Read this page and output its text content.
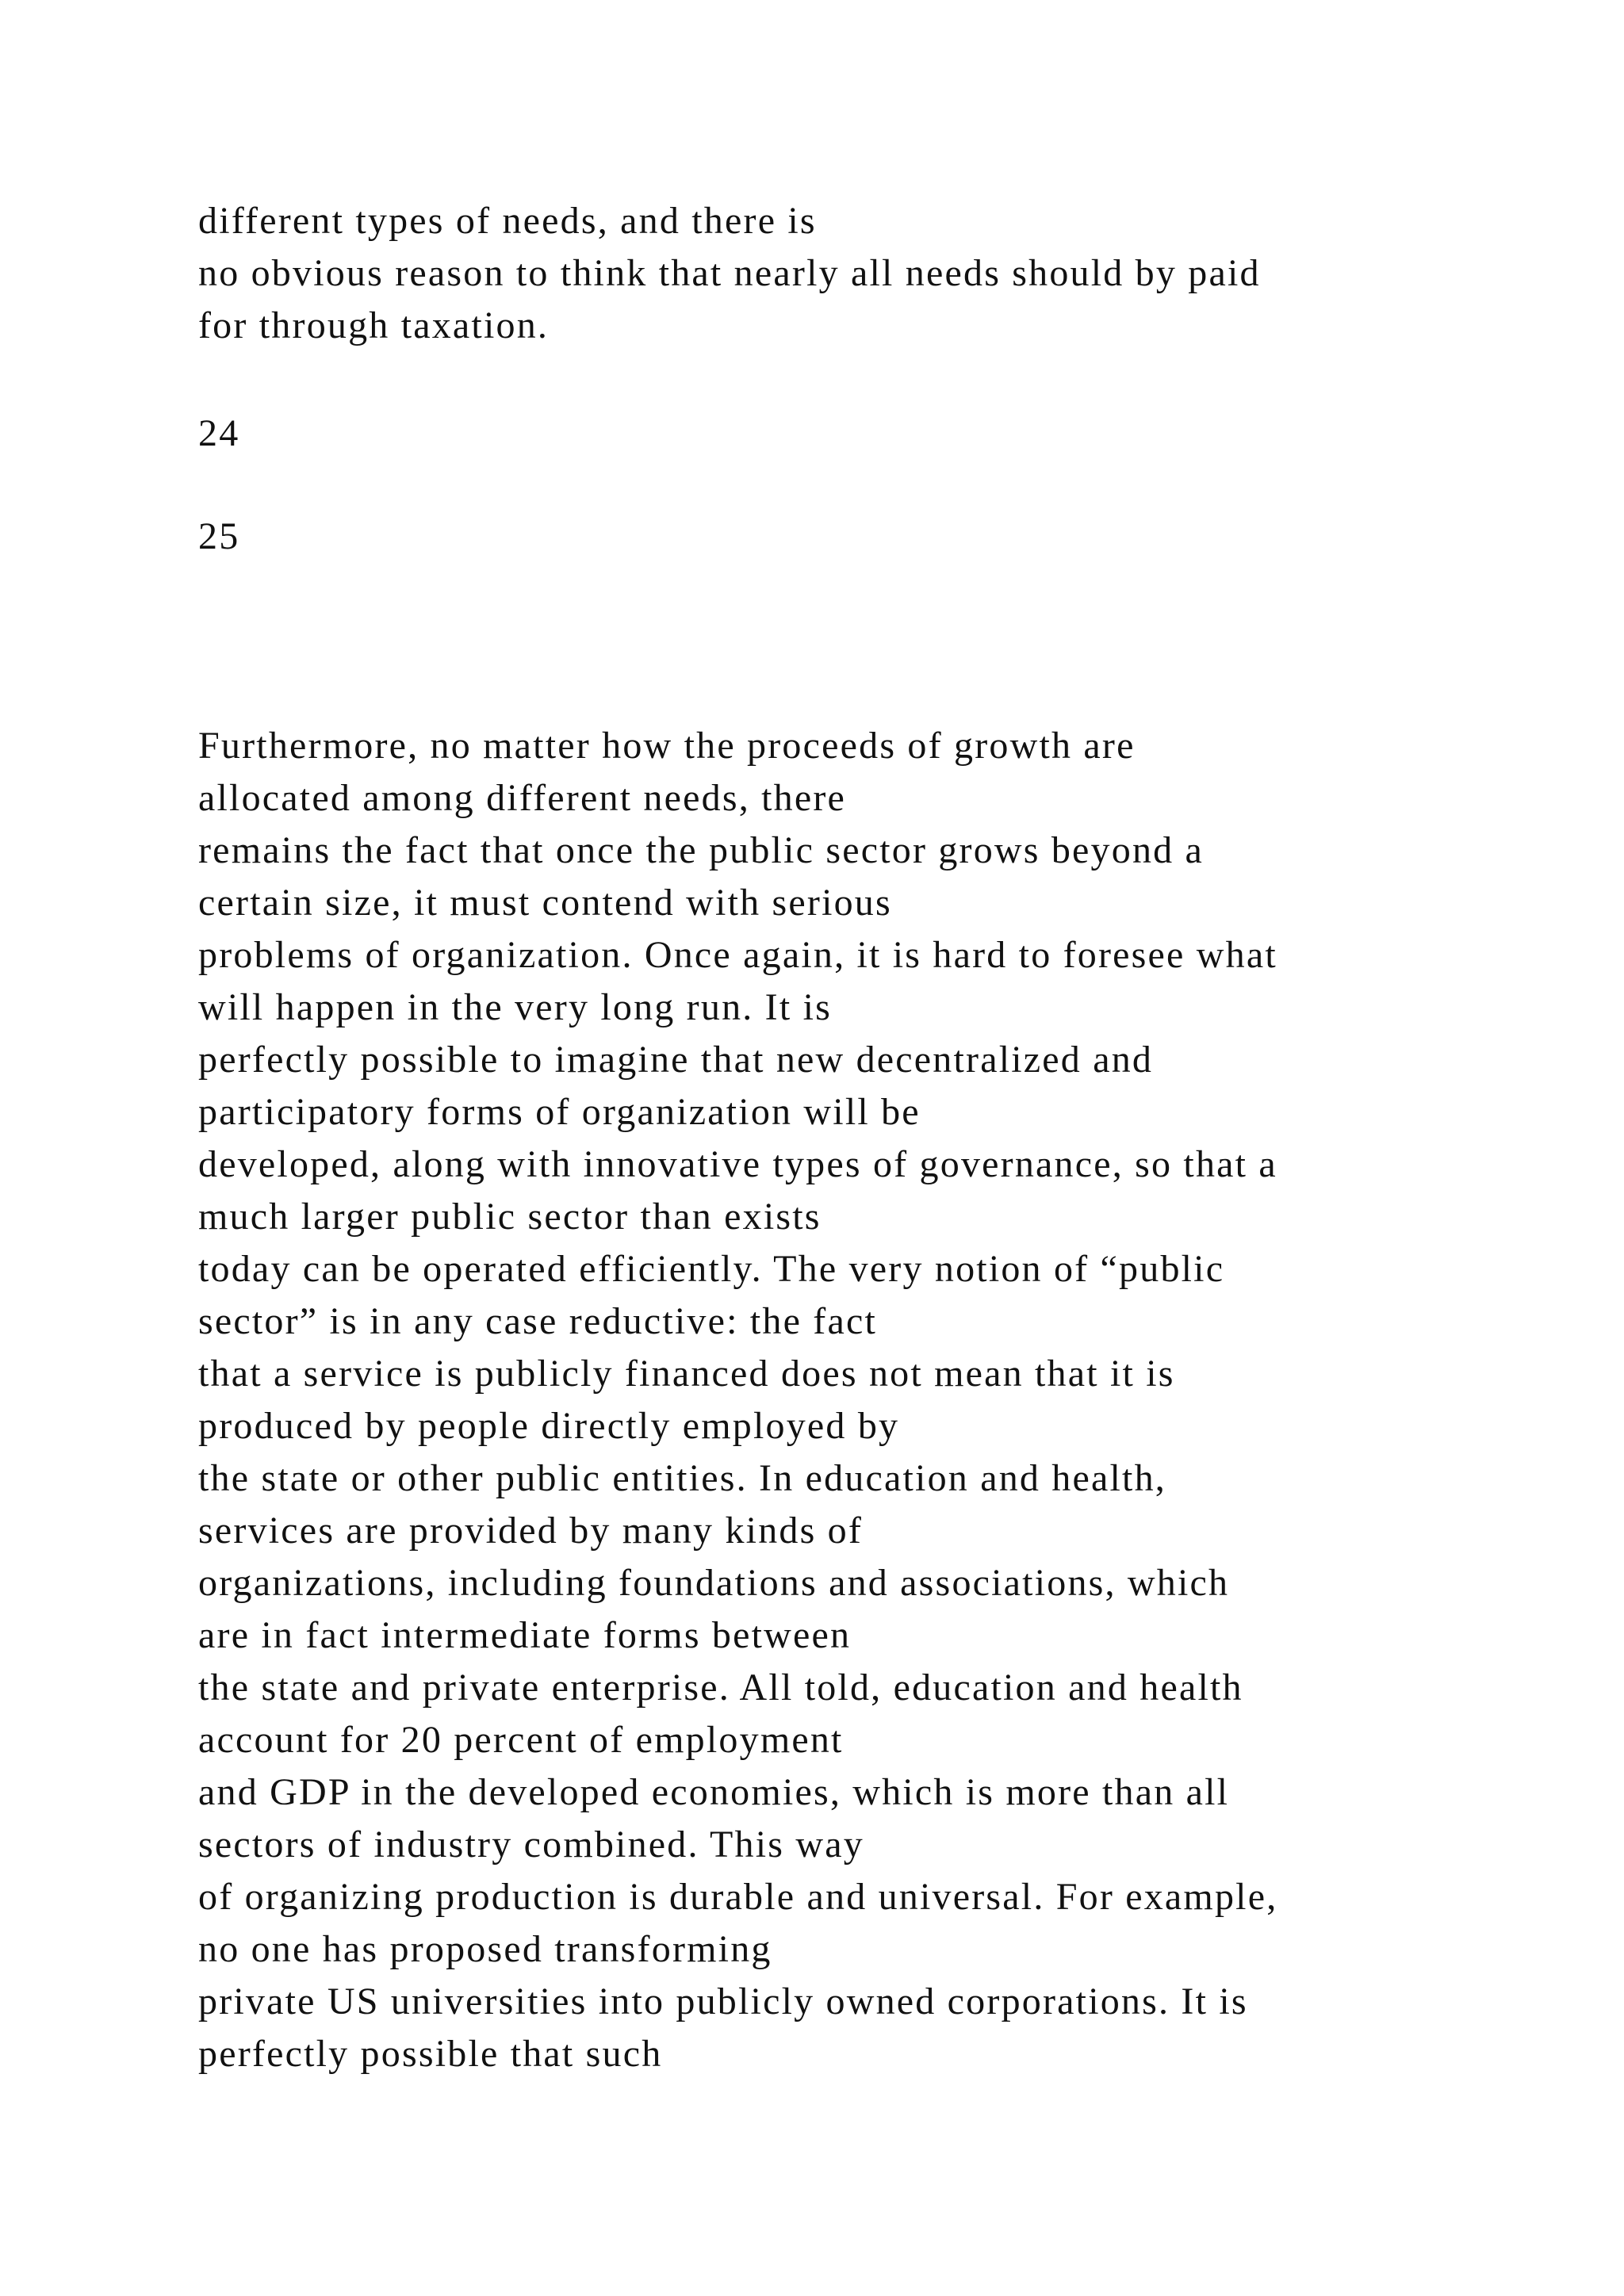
different types of needs, and there is

no obvious reason to think that nearly all needs should by paid

for through taxation.

24

25

Furthermore, no matter how the proceeds of growth are

allocated among different needs, there

remains the fact that once the public sector grows beyond a

certain size, it must contend with serious

problems of organization. Once again, it is hard to foresee what

will happen in the very long run. It is

perfectly possible to imagine that new decentralized and

participatory forms of organization will be

developed, along with innovative types of governance, so that a

much larger public sector than exists

today can be operated efficiently. The very notion of “public

sector” is in any case reductive: the fact

that a service is publicly financed does not mean that it is

produced by people directly employed by

the state or other public entities. In education and health,

services are provided by many kinds of

organizations, including foundations and associations, which

are in fact intermediate forms between

the state and private enterprise. All told, education and health

account for 20 percent of employment

and GDP in the developed economies, which is more than all

sectors of industry combined. This way

of organizing production is durable and universal. For example,

no one has proposed transforming

private US universities into publicly owned corporations. It is

perfectly possible that such
